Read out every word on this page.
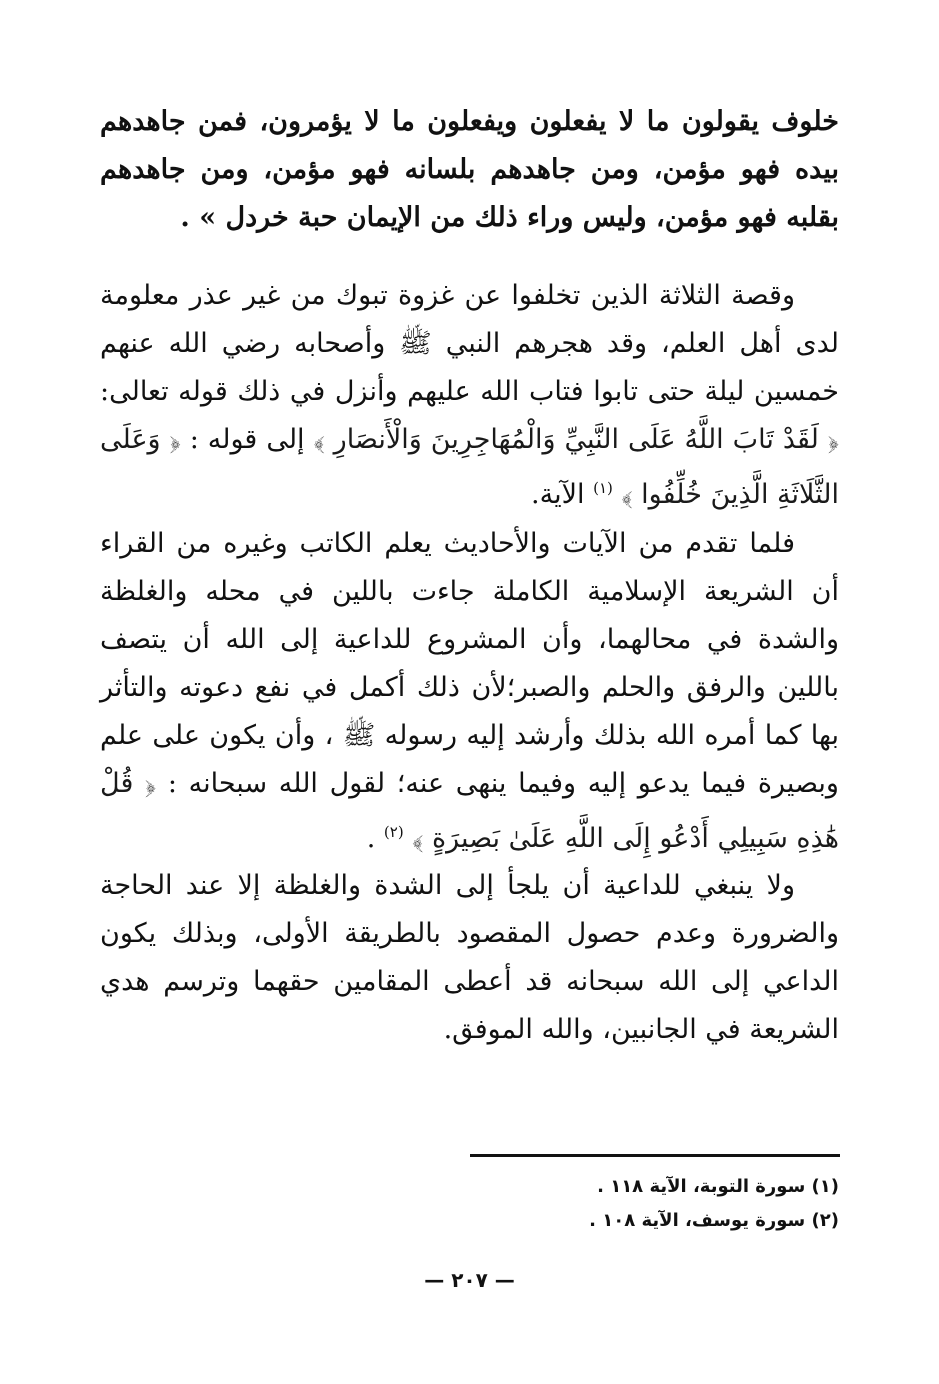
خلوف يقولون ما لا يفعلون ويفعلون ما لا يؤمرون، فمن جاهدهم بيده فهو مؤمن، ومن جاهدهم بلسانه فهو مؤمن، ومن جاهدهم بقلبه فهو مؤمن، وليس وراء ذلك من الإيمان حبة خردل » .

وقصة الثلاثة الذين تخلفوا عن غزوة تبوك من غير عذر معلومة لدى أهل العلم، وقد هجرهم النبي ﷺ وأصحابه رضي الله عنهم خمسين ليلة حتى تابوا فتاب الله عليهم وأنزل في ذلك قوله تعالى: ﴿ لَقَدْ تَابَ اللَّهُ عَلَى النَّبِيِّ وَالْمُهَاجِرِينَ وَالْأَنصَارِ ﴾ إلى قوله : ﴿ وَعَلَى الثَّلَاثَةِ الَّذِينَ خُلِّفُوا ﴾ $^{(١)}$ الآية.

فلما تقدم من الآيات والأحاديث يعلم الكاتب وغيره من القراء أن الشريعة الإسلامية الكاملة جاءت باللين في محله والغلظة والشدة في محالهما، وأن المشروع للداعية إلى الله أن يتصف باللين والرفق والحلم والصبر؛لأن ذلك أكمل في نفع دعوته والتأثر بها كما أمره الله بذلك وأرشد إليه رسوله ﷺ ، وأن يكون على علم وبصيرة فيما يدعو إليه وفيما ينهى عنه؛ لقول الله سبحانه : ﴿ قُلْ هَٰذِهِ سَبِيلِي أَدْعُو إِلَى اللَّهِ عَلَىٰ بَصِيرَةٍ ﴾ $^{(٢)}$ .

ولا ينبغي للداعية أن يلجأ إلى الشدة والغلظة إلا عند الحاجة والضرورة وعدم حصول المقصود بالطريقة الأولى، وبذلك يكون الداعي إلى الله سبحانه قد أعطى المقامين حقهما وترسم هدي الشريعة في الجانبين، والله الموفق.

(١) سورة التوبة، الآية ١١٨ .
(٢) سورة يوسف، الآية ١٠٨ .
— ٢٠٧ —
